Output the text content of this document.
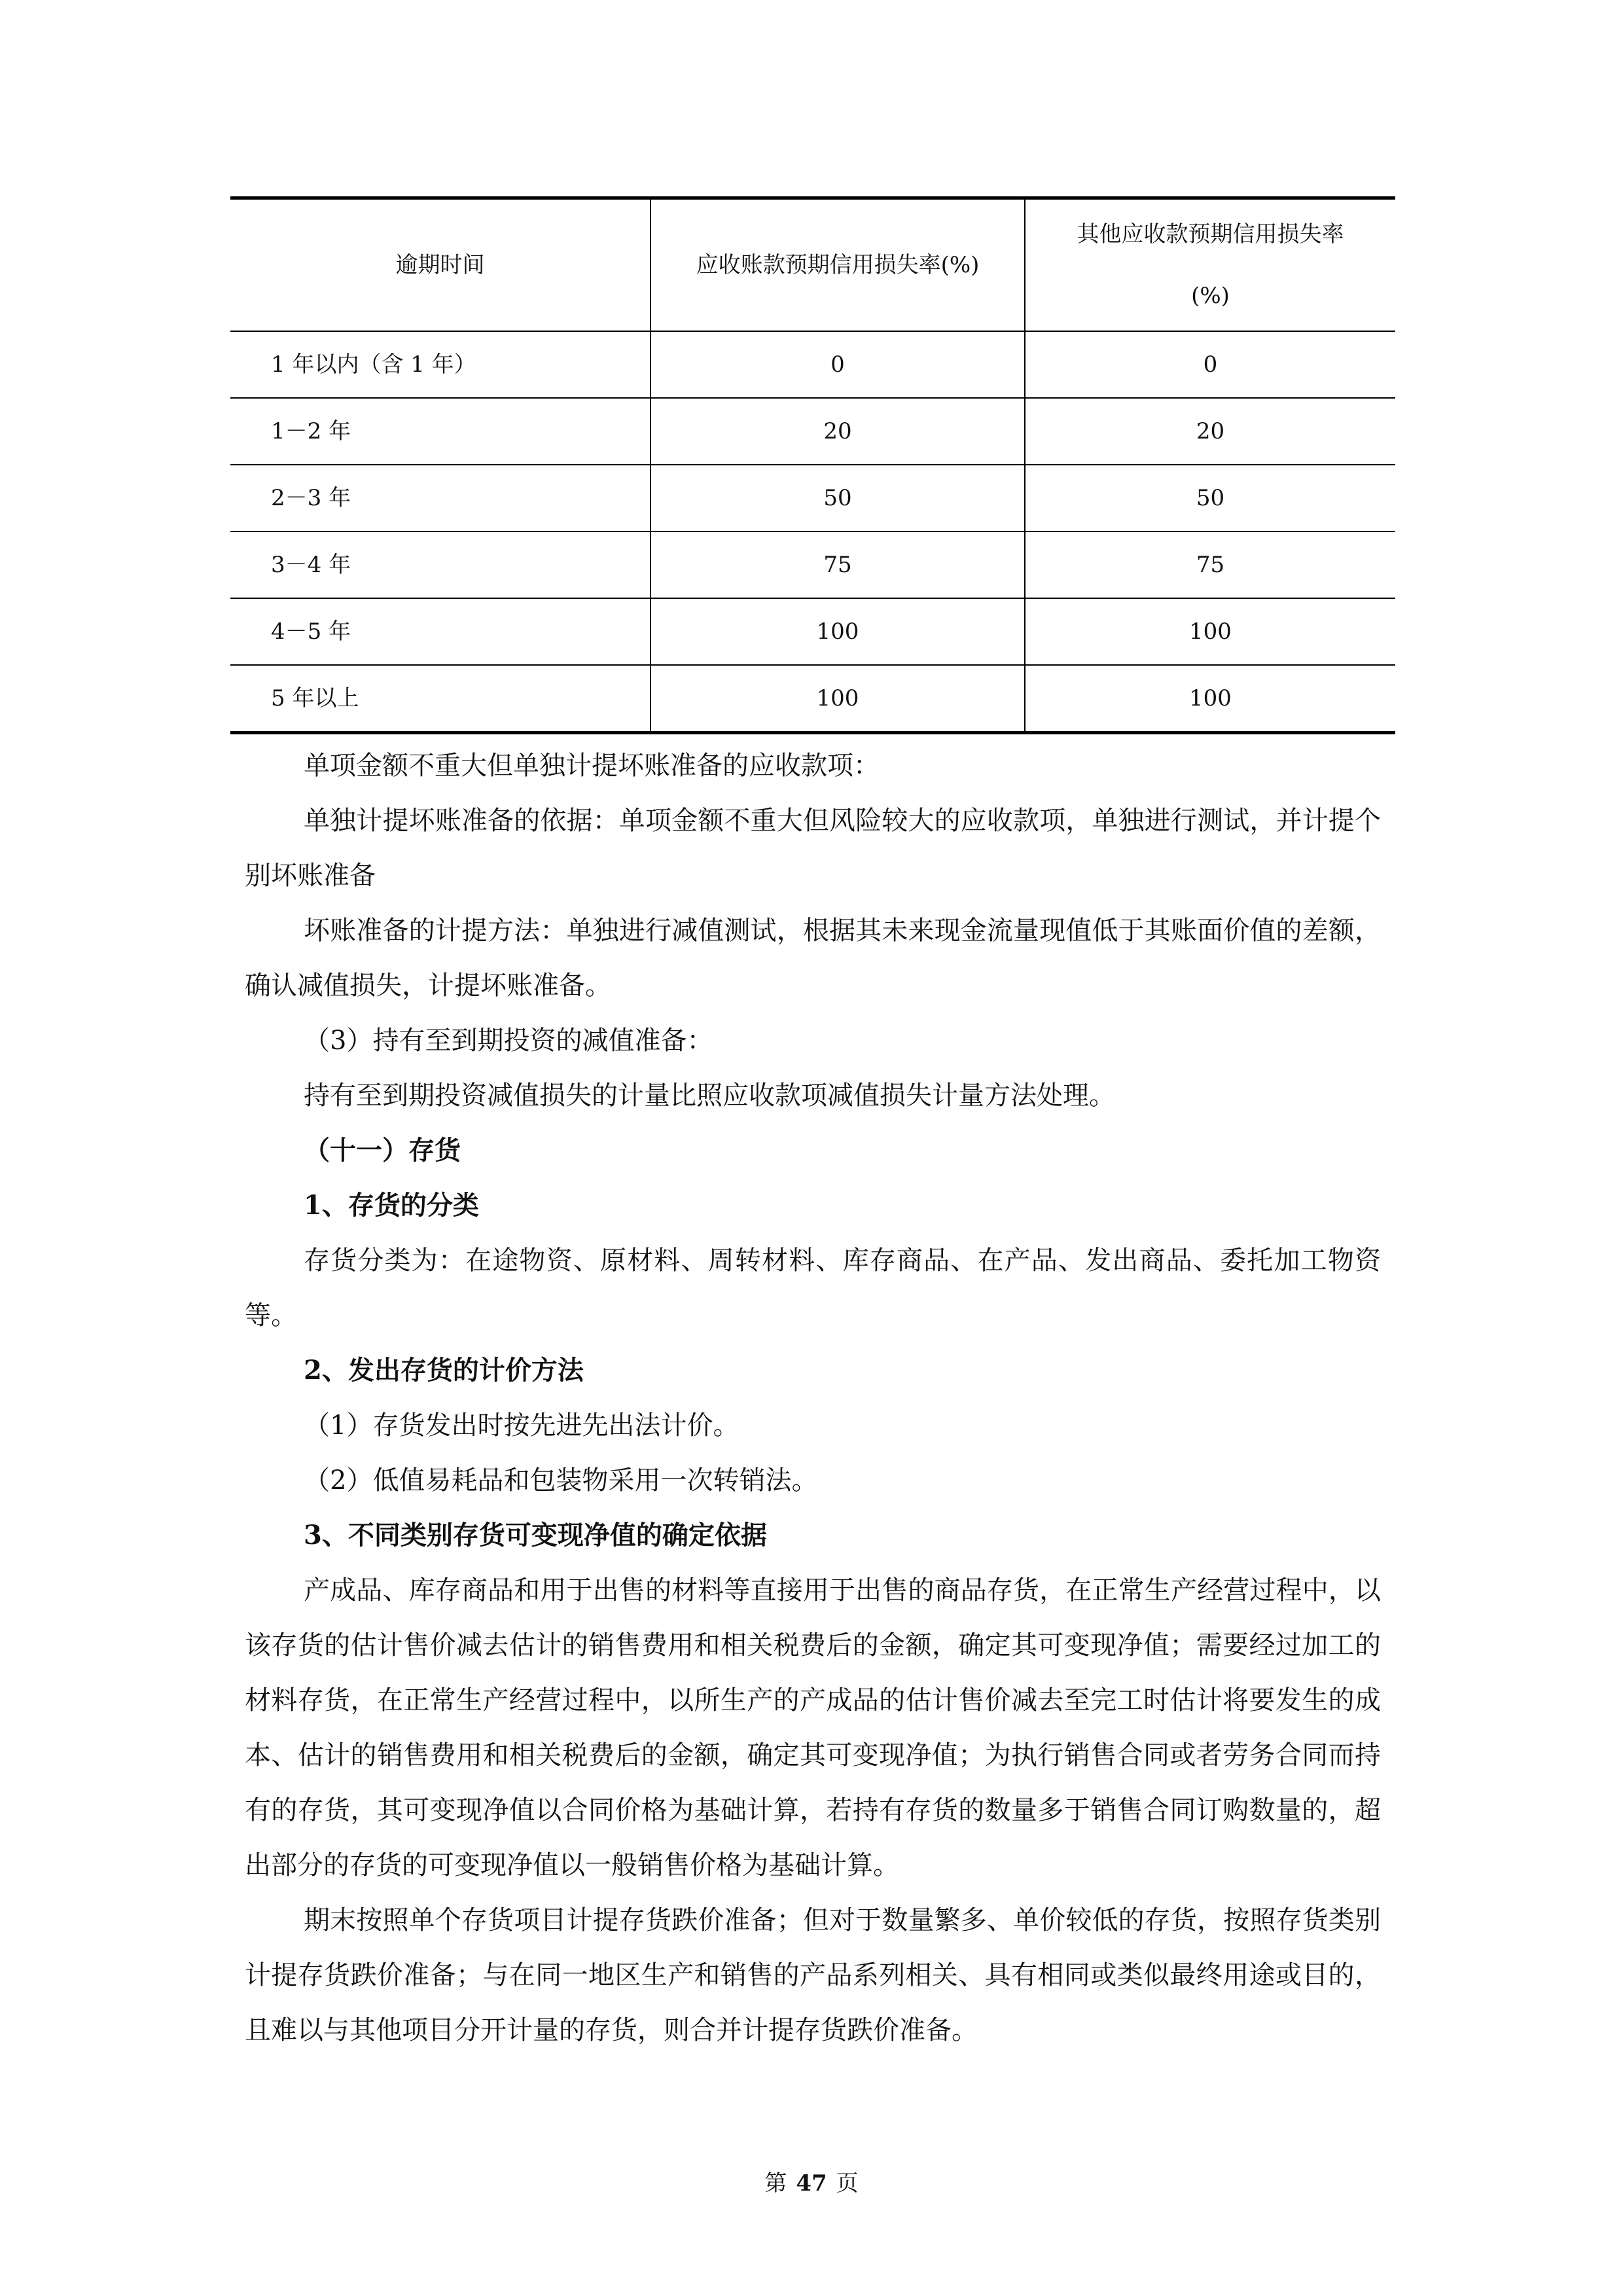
逾期时间	应收账款预期信用损失率(%)	其他应收款预期信用损失率
(%)
1 年以内（含 1 年）	0	0
1－2 年	20	20
2－3 年	50	50
3－4 年	75	75
4－5 年	100	100
5 年以上	100	100

单项金额不重大但单独计提坏账准备的应收款项：

单独计提坏账准备的依据：单项金额不重大但风险较大的应收款项，单独进行测试，并计提个别坏账准备

坏账准备的计提方法：单独进行减值测试，根据其未来现金流量现值低于其账面价值的差额，确认减值损失，计提坏账准备。

（3）持有至到期投资的减值准备：

持有至到期投资减值损失的计量比照应收款项减值损失计量方法处理。

（十一）存货

1、存货的分类

存货分类为：在途物资、原材料、周转材料、库存商品、在产品、发出商品、委托加工物资等。

2、发出存货的计价方法

（1）存货发出时按先进先出法计价。

（2）低值易耗品和包装物采用一次转销法。

3、不同类别存货可变现净值的确定依据

产成品、库存商品和用于出售的材料等直接用于出售的商品存货，在正常生产经营过程中，以该存货的估计售价减去估计的销售费用和相关税费后的金额，确定其可变现净值；需要经过加工的材料存货，在正常生产经营过程中，以所生产的产成品的估计售价减去至完工时估计将要发生的成本、估计的销售费用和相关税费后的金额，确定其可变现净值；为执行销售合同或者劳务合同而持有的存货，其可变现净值以合同价格为基础计算，若持有存货的数量多于销售合同订购数量的，超出部分的存货的可变现净值以一般销售价格为基础计算。

期末按照单个存货项目计提存货跌价准备；但对于数量繁多、单价较低的存货，按照存货类别计提存货跌价准备；与在同一地区生产和销售的产品系列相关、具有相同或类似最终用途或目的，且难以与其他项目分开计量的存货，则合并计提存货跌价准备。

第 47 页
